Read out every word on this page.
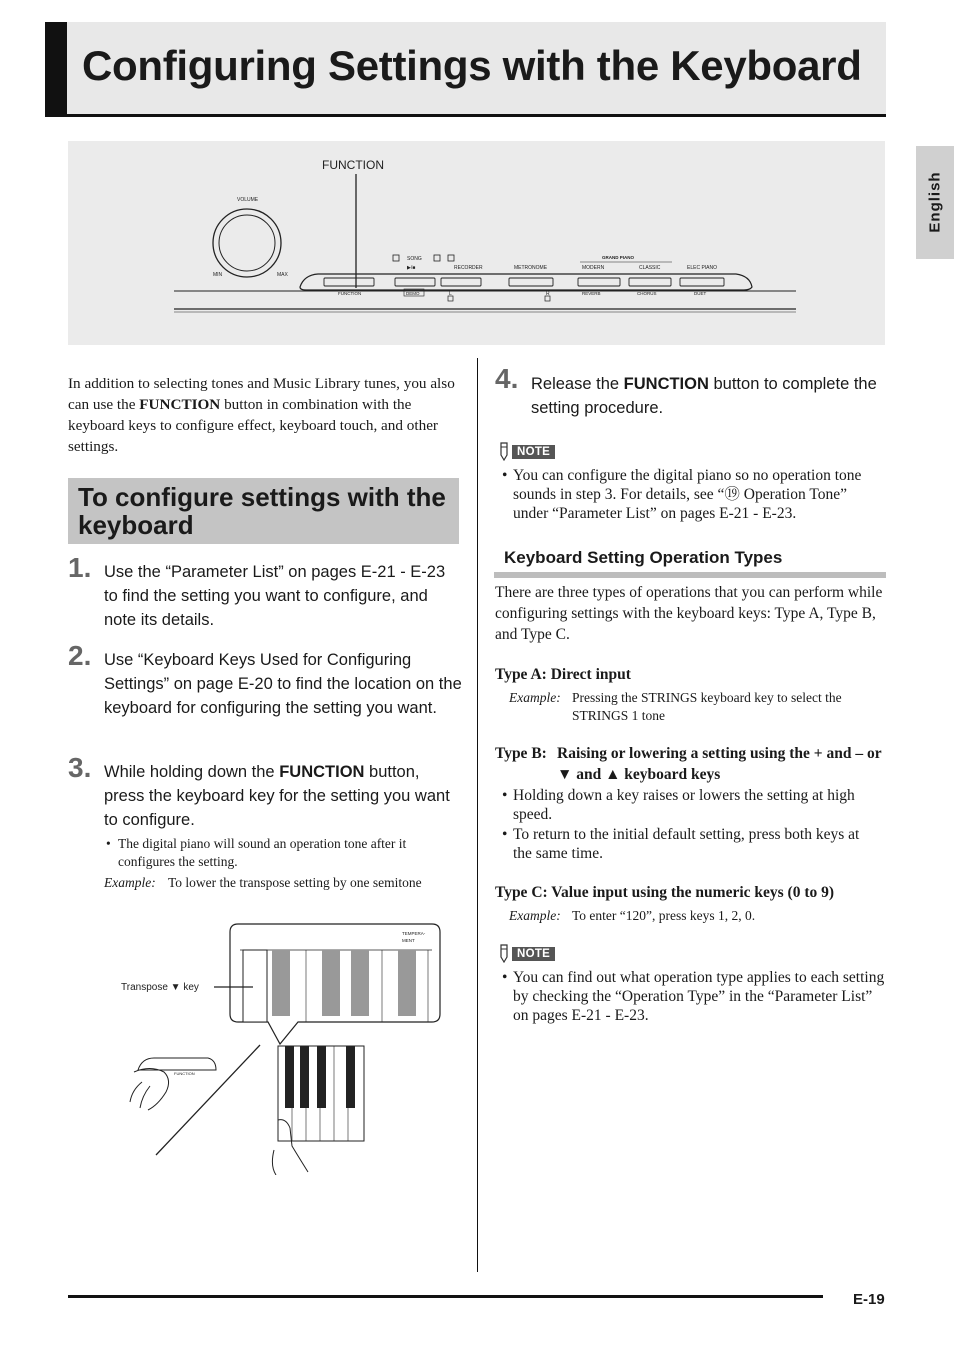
Configuring Settings with the Keyboard
English
FUNCTION
VOLUME
MIN	MAX
SONG
▶/■	RECORDER	METRONOME
GRAND PIANO
MODERN	CLASSIC	ELEC PIANO
FUNCTION	DEMO	L	R	REVERB	CHORUS	DUET
In addition to selecting tones and Music Library tunes, you also can use the FUNCTION button in combination with the keyboard keys to configure effect, keyboard touch, and other settings.
To configure settings with the keyboard
1. Use the “Parameter List” on pages E-21 - E-23 to find the setting you want to configure, and note its details.
2. Use “Keyboard Keys Used for Configuring Settings” on page E-20 to find the location on the keyboard for configuring the setting you want.
3. While holding down the FUNCTION button, press the keyboard key for the setting you want to configure.
• The digital piano will sound an operation tone after it configures the setting.
Example: To lower the transpose setting by one semitone
TEMPERA-
MENT
Transpose ▼ key
FUNCTION
4. Release the FUNCTION button to complete the setting procedure.
NOTE
• You can configure the digital piano so no operation tone sounds in step 3. For details, see “⑲ Operation Tone” under “Parameter List” on pages E-21 - E-23.
Keyboard Setting Operation Types
There are three types of operations that you can perform while configuring settings with the keyboard keys: Type A, Type B, and Type C.
Type A: Direct input
Example: Pressing the STRINGS keyboard key to select the STRINGS 1 tone
Type B: Raising or lowering a setting using the + and – or ▼ and ▲ keyboard keys
• Holding down a key raises or lowers the setting at high speed.
• To return to the initial default setting, press both keys at the same time.
Type C: Value input using the numeric keys (0 to 9)
Example: To enter “120”, press keys 1, 2, 0.
NOTE
• You can find out what operation type applies to each setting by checking the “Operation Type” in the “Parameter List” on pages E-21 - E-23.
E-19
